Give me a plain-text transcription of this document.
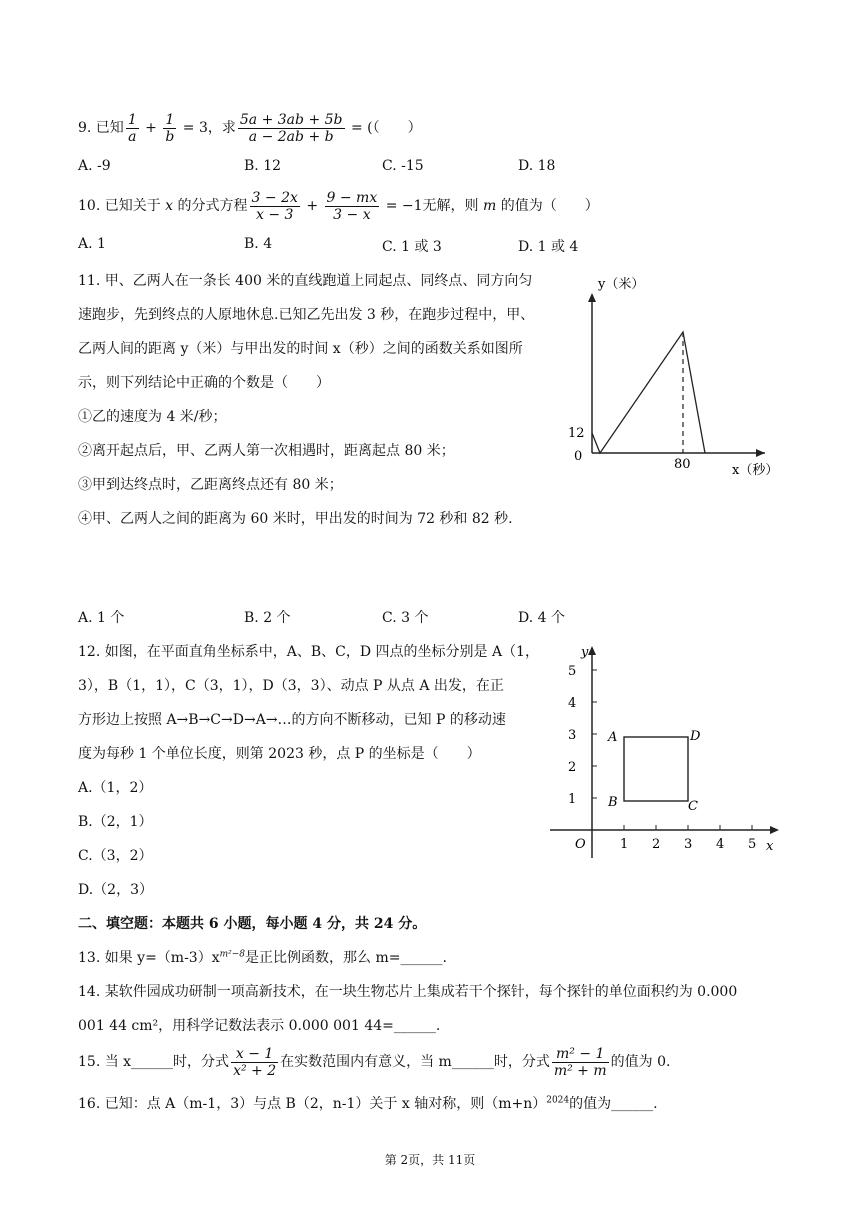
9. 已知 $\frac{1}{a} + \frac{1}{b} = 3$，求 $\frac{5a + 3ab + 5b}{a - 2ab + b}$ = (（　　）
A. -9	B. 12	C. -15	D. 18
10. 已知关于 x 的分式方程 $\frac{3 - 2x}{x - 3} + \frac{9 - mx}{3 - x} = -1$无解，则 m 的值为（　　）
A. 1	B. 4	C. 1 或 3	D. 1 或 4
11. 甲、乙两人在一条长 400 米的直线跑道上同起点、同终点、同方向匀
速跑步，先到终点的人原地休息.已知乙先出发 3 秒，在跑步过程中，甲、
乙两人间的距离 y（米）与甲出发的时间 x（秒）之间的函数关系如图所
示，则下列结论中正确的个数是（　　）
①乙的速度为 4 米/秒；
②离开起点后，甲、乙两人第一次相遇时，距离起点 80 米；
③甲到达终点时，乙距离终点还有 80 米；
④甲、乙两人之间的距离为 60 米时，甲出发的时间为 72 秒和 82 秒.
y（米）
x（秒）
12
0
80
A. 1 个	B. 2 个	C. 3 个	D. 4 个
12. 如图，在平面直角坐标系中，A、B、C，D 四点的坐标分别是 A（1，
3），B（1，1），C（3，1），D（3，3）、动点 P 从点 A 出发，在正
方形边上按照 A→B→C→D→A→…的方向不断移动，已知 P 的移动速
度为每秒 1 个单位长度，则第 2023 秒，点 P 的坐标是（　　）
A.（1，2）
B.（2，1）
C.（3，2）
D.（2，3）
1 2 3 4 5
1
2
3
4
5
y
x
O
A
B	C
D
二、填空题：本题共 6 小题，每小题 4 分，共 24 分。
13. 如果 $y=(m-3)x^{m^2-8}$是正比例函数，那么 m=______.
14. 某软件园成功研制一项高新技术，在一块生物芯片上集成若干个探针，每个探针的单位面积约为 0.000
001 44 cm²，用科学记数法表示 0.000 001 44=______.
15. 当 x______时，分式 $\frac{x - 1}{\text{x² + 2}}$ 在实数范围内有意义，当 m______时，分式 $\frac{\text{m² − 1}}{\text{m² + m}}$ 的值为 0.
16. 已知：点 A（m-1，3）与点 B（2，n-1）关于 x 轴对称，则$(m+n)^{2024}$的值为______.
第 2页，共 11页
